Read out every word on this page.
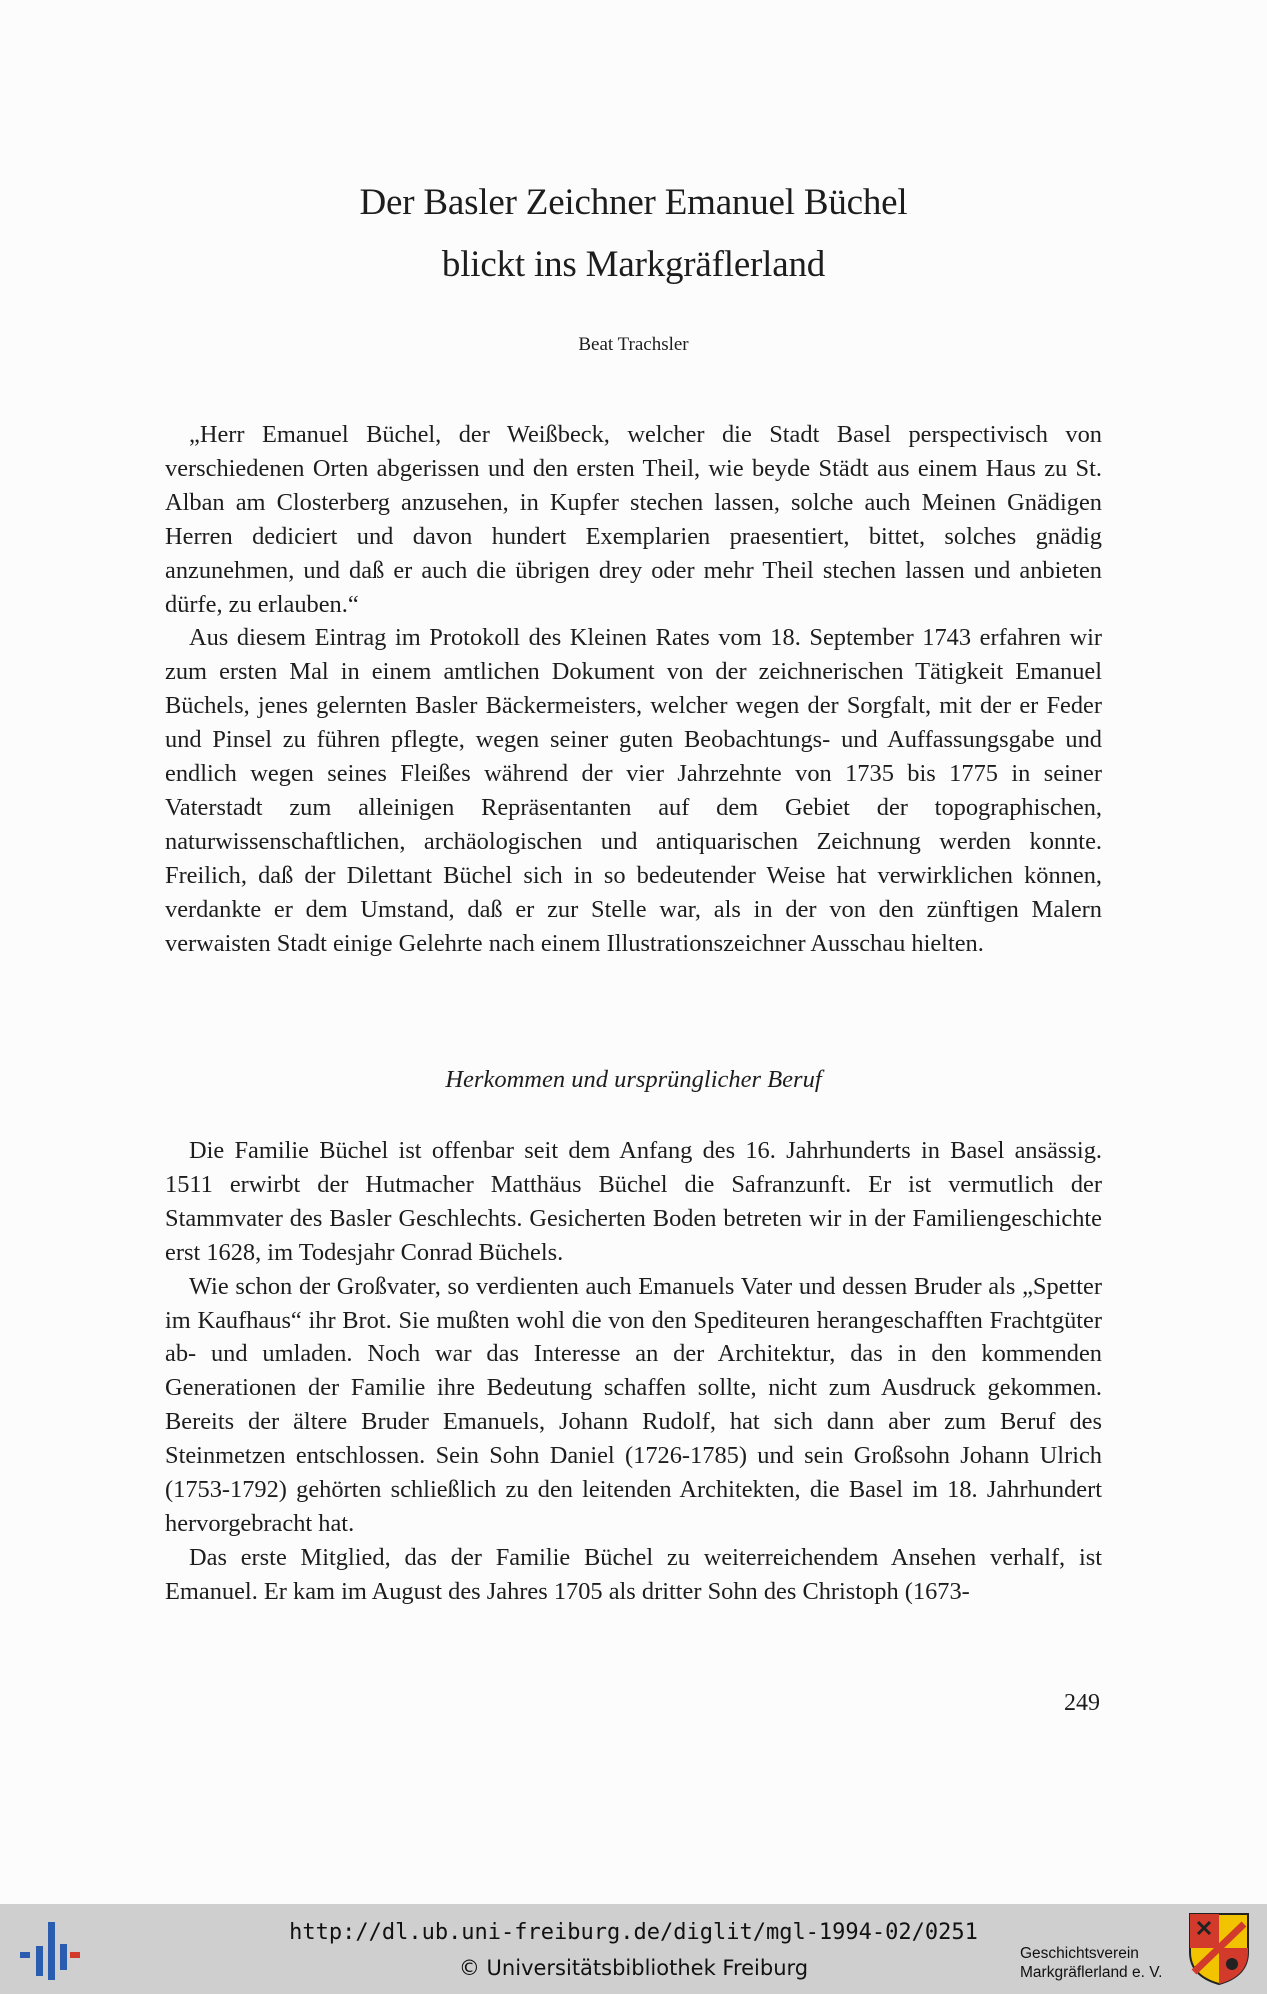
Der Basler Zeichner Emanuel Büchel
blickt ins Markgräflerland
Beat Trachsler

„Herr Emanuel Büchel, der Weißbeck, welcher die Stadt Basel perspectivisch von verschiedenen Orten abgerissen und den ersten Theil, wie beyde Städt aus einem Haus zu St. Alban am Closterberg anzusehen, in Kupfer stechen lassen, solche auch Meinen Gnädigen Herren dediciert und davon hundert Exemplarien praesentiert, bittet, solches gnädig anzunehmen, und daß er auch die übrigen drey oder mehr Theil stechen lassen und anbieten dürfe, zu erlauben.“

Aus diesem Eintrag im Protokoll des Kleinen Rates vom 18. September 1743 erfahren wir zum ersten Mal in einem amtlichen Dokument von der zeichnerischen Tätigkeit Emanuel Büchels, jenes gelernten Basler Bäckermeisters, welcher wegen der Sorgfalt, mit der er Feder und Pinsel zu führen pflegte, wegen seiner guten Beobachtungs- und Auffassungsgabe und endlich wegen seines Fleißes während der vier Jahrzehnte von 1735 bis 1775 in seiner Vaterstadt zum alleinigen Repräsentanten auf dem Gebiet der topographischen, naturwissenschaftlichen, archäologischen und antiquarischen Zeichnung werden konnte. Freilich, daß der Dilettant Büchel sich in so bedeutender Weise hat verwirklichen können, verdankte er dem Umstand, daß er zur Stelle war, als in der von den zünftigen Malern verwaisten Stadt einige Gelehrte nach einem Illustrationszeichner Ausschau hielten.

Herkommen und ursprünglicher Beruf

Die Familie Büchel ist offenbar seit dem Anfang des 16. Jahrhunderts in Basel ansässig. 1511 erwirbt der Hutmacher Matthäus Büchel die Safranzunft. Er ist vermutlich der Stammvater des Basler Geschlechts. Gesicherten Boden betreten wir in der Familiengeschichte erst 1628, im Todesjahr Conrad Büchels.

Wie schon der Großvater, so verdienten auch Emanuels Vater und dessen Bruder als „Spetter im Kaufhaus“ ihr Brot. Sie mußten wohl die von den Spediteuren herangeschafften Frachtgüter ab- und umladen. Noch war das Interesse an der Architektur, das in den kommenden Generationen der Familie ihre Bedeutung schaffen sollte, nicht zum Ausdruck gekommen. Bereits der ältere Bruder Emanuels, Johann Rudolf, hat sich dann aber zum Beruf des Steinmetzen entschlossen. Sein Sohn Daniel (1726-1785) und sein Großsohn Johann Ulrich (1753-1792) gehörten schließlich zu den leitenden Architekten, die Basel im 18. Jahrhundert hervorgebracht hat.

Das erste Mitglied, das der Familie Büchel zu weiterreichendem Ansehen verhalf, ist Emanuel. Er kam im August des Jahres 1705 als dritter Sohn des Christoph (1673-

249
http://dl.ub.uni-freiburg.de/diglit/mgl-1994-02/0251
© Universitätsbibliothek Freiburg
Geschichtsverein
Markgräflerland e. V.
